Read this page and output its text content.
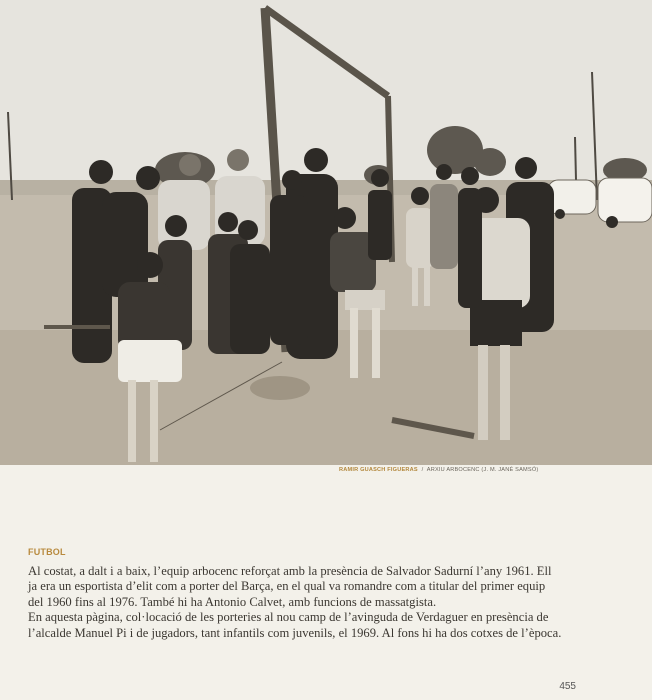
RAMIR GUASCH FIGUERAS / ARXIU ARBOCENC (J. M. JANÉ SAMSÓ)
FUTBOL

Al costat, a dalt i a baix, l’equip arbocenc reforçat amb la presència de Salvador Sadurní l’any 1961. Ell ja era un esportista d’elit com a porter del Barça, en el qual va romandre com a titular del primer equip del 1960 fins al 1976. També hi ha Antonio Calvet, amb funcions de massatgista.

En aquesta pàgina, col·locació de les porteries al nou camp de l’avinguda de Verdaguer en presència de l’alcalde Manuel Pi i de jugadors, tant infantils com juvenils, el 1969. Al fons hi ha dos cotxes de l’època.

455
